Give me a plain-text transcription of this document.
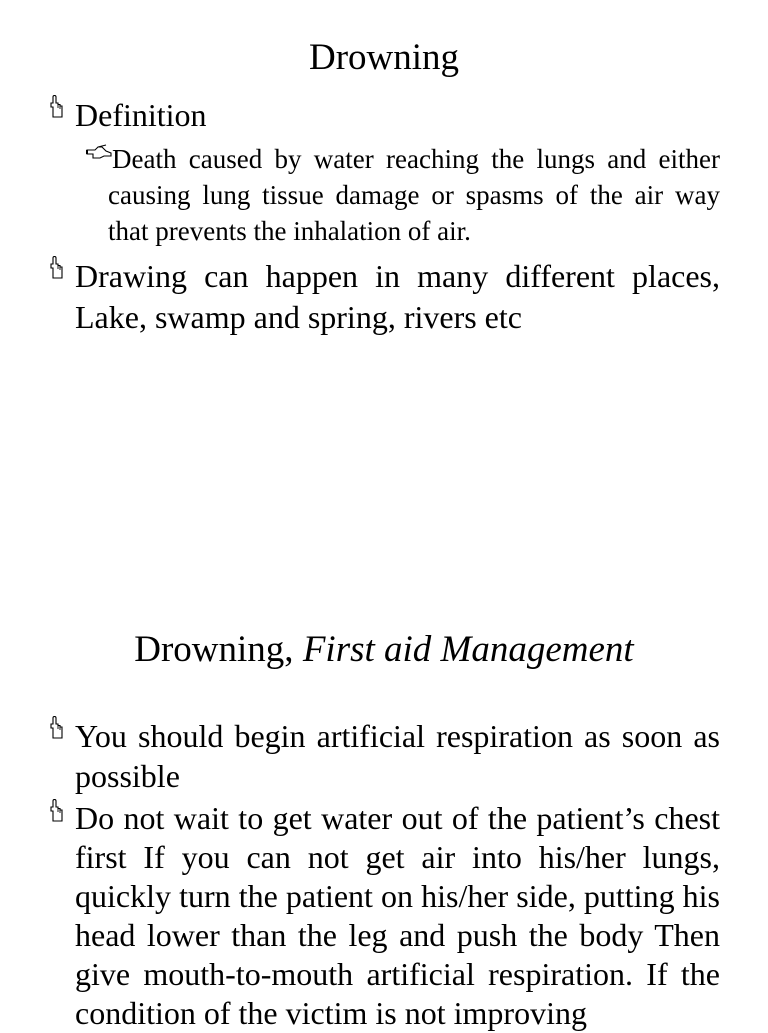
Drowning
Definition
Death caused by water reaching the lungs and either causing lung tissue damage or spasms of the air way that prevents the inhalation of air.
Drawing can happen in many different places, Lake, swamp and spring, rivers etc
Drowning, First aid Management
You should begin artificial respiration as soon as possible
Do not wait to get water out of the patient’s chest first If you can not get air into his/her lungs, quickly turn the patient on his/her side, putting his head lower than the leg and push the body Then give mouth-to-mouth artificial respiration. If the condition of the victim is not improving
